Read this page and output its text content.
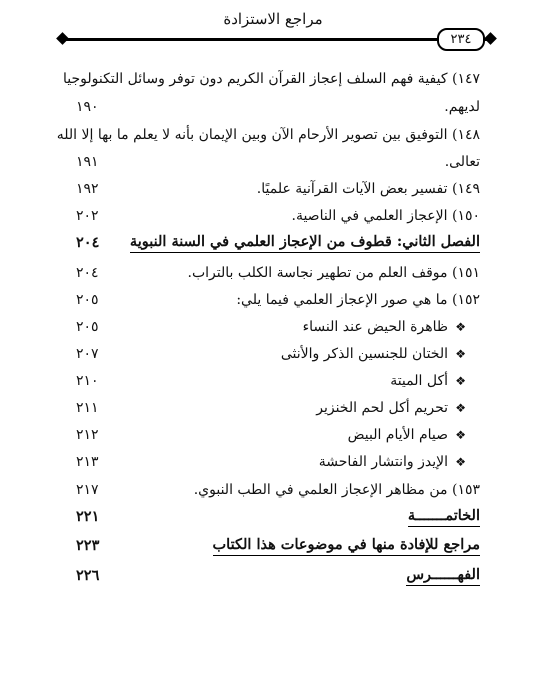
مراجع الاستزادة
٢٣٤
١٤٧) كيفية فهم السلف إعجاز القرآن الكريم دون توفر وسائل التكنولوجيا
لديهم.
١٩٠
١٤٨) التوفيق بين تصوير الأرحام الآن وبين الإيمان بأنه لا يعلم ما بها إلا الله
تعالى.
١٩١
١٤٩) تفسير بعض الآيات القرآنية علميًا.
١٩٢
١٥٠) الإعجاز العلمي في الناصية.
٢٠٢
الفصل الثاني: قطوف من الإعجاز العلمي في السنة النبوية
٢٠٤
١٥١) موقف العلم من تطهير نجاسة الكلب بالتراب.
٢٠٤
١٥٢) ما هي صور الإعجاز العلمي فيما يلي:
٢٠٥
❖
ظاهرة الحيض عند النساء
٢٠٥
❖
الختان للجنسين الذكر والأنثى
٢٠٧
❖
أكل الميتة
٢١٠
❖
تحريم أكل لحم الخنزير
٢١١
❖
صيام الأيام البيض
٢١٢
❖
الإيدز وانتشار الفاحشة
٢١٣
١٥٣) من مظاهر الإعجاز العلمي في الطب النبوي.
٢١٧
الخاتمـــــــة
٢٢١
مراجع للإفادة منها في موضوعات هذا الكتاب
٢٢٣
الفهــــــرس
٢٢٦
